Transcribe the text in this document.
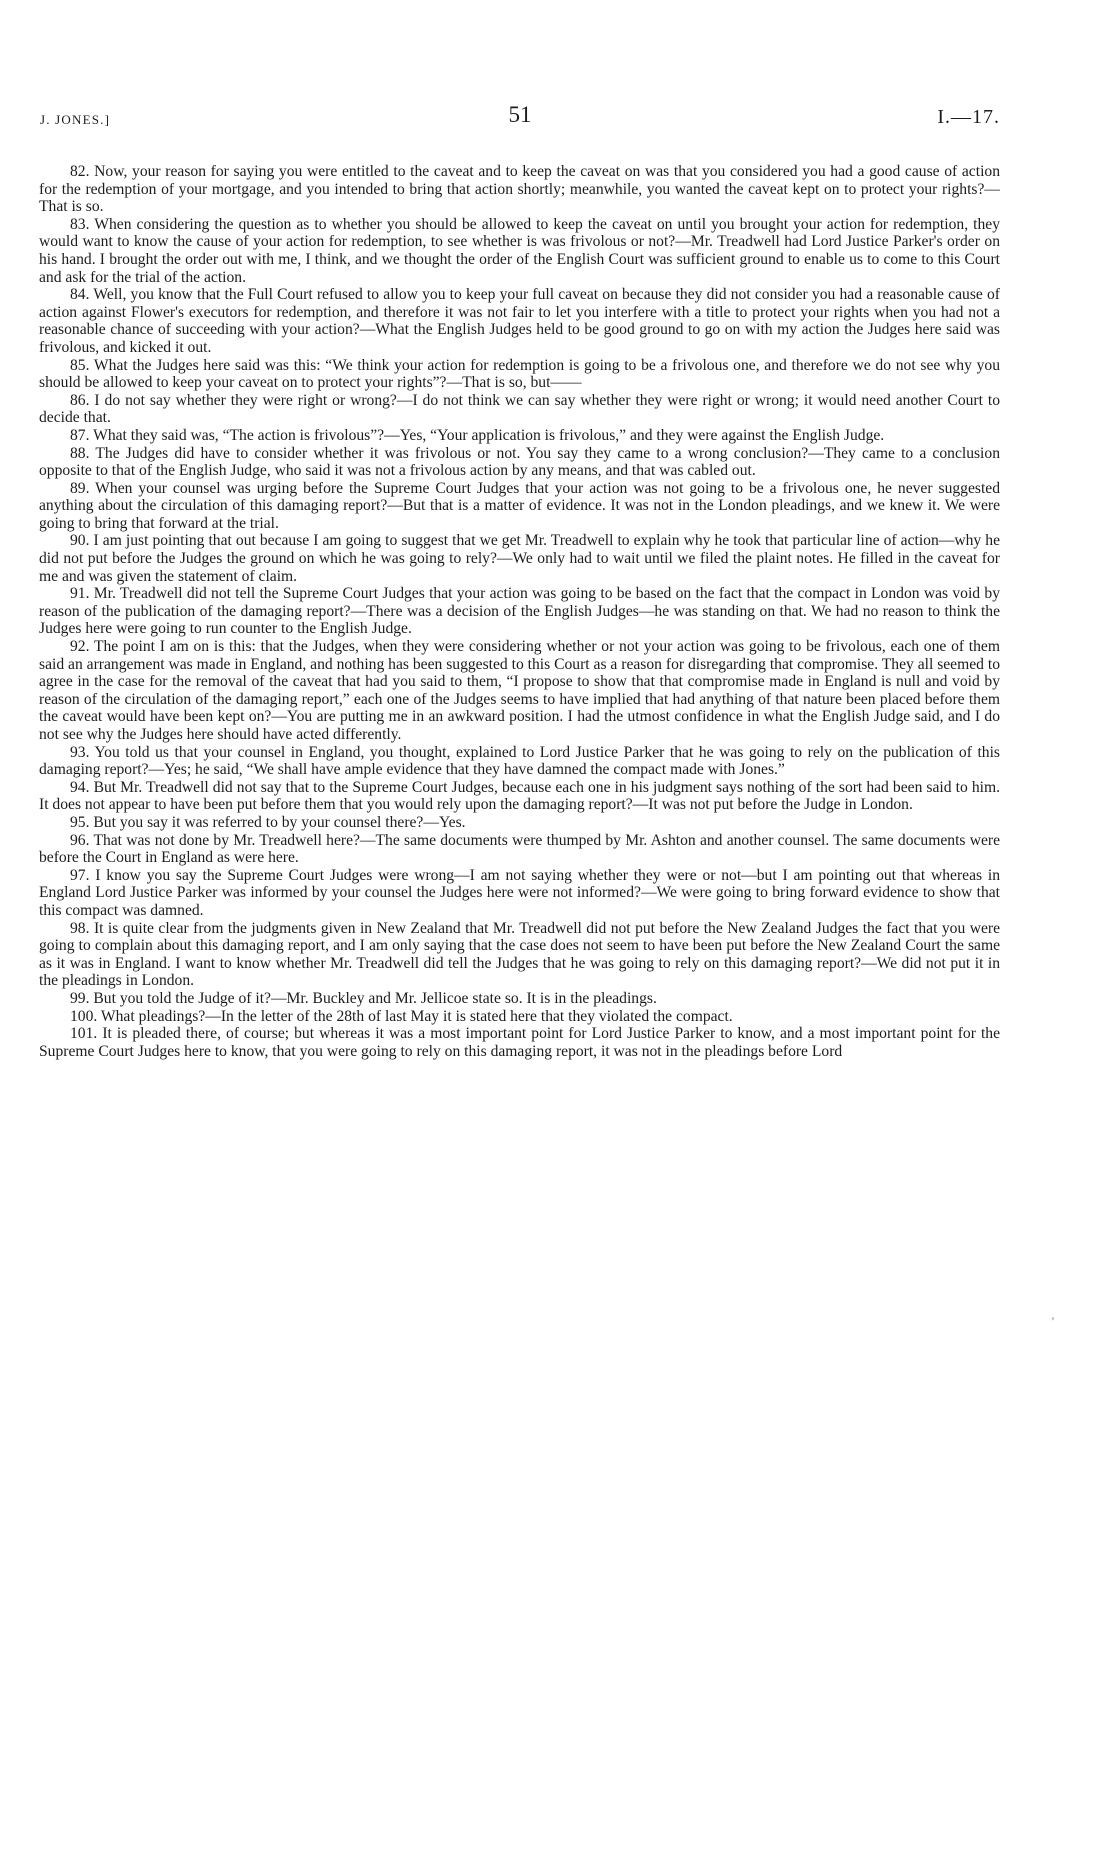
J. JONES.]	51	I.—17.

82. Now, your reason for saying you were entitled to the caveat and to keep the caveat on was that you considered you had a good cause of action for the redemption of your mortgage, and you intended to bring that action shortly; meanwhile, you wanted the caveat kept on to protect your rights?—That is so.

83. When considering the question as to whether you should be allowed to keep the caveat on until you brought your action for redemption, they would want to know the cause of your action for redemption, to see whether is was frivolous or not?—Mr. Treadwell had Lord Justice Parker's order on his hand. I brought the order out with me, I think, and we thought the order of the English Court was sufficient ground to enable us to come to this Court and ask for the trial of the action.

84. Well, you know that the Full Court refused to allow you to keep your full caveat on because they did not consider you had a reasonable cause of action against Flower's executors for redemption, and therefore it was not fair to let you interfere with a title to protect your rights when you had not a reasonable chance of succeeding with your action?—What the English Judges held to be good ground to go on with my action the Judges here said was frivolous, and kicked it out.

85. What the Judges here said was this: “We think your action for redemption is going to be a frivolous one, and therefore we do not see why you should be allowed to keep your caveat on to protect your rights”?—That is so, but——

86. I do not say whether they were right or wrong?—I do not think we can say whether they were right or wrong; it would need another Court to decide that.

87. What they said was, “The action is frivolous”?—Yes, “Your application is frivolous,” and they were against the English Judge.

88. The Judges did have to consider whether it was frivolous or not. You say they came to a wrong conclusion?—They came to a conclusion opposite to that of the English Judge, who said it was not a frivolous action by any means, and that was cabled out.

89. When your counsel was urging before the Supreme Court Judges that your action was not going to be a frivolous one, he never suggested anything about the circulation of this damaging report?—But that is a matter of evidence. It was not in the London pleadings, and we knew it. We were going to bring that forward at the trial.

90. I am just pointing that out because I am going to suggest that we get Mr. Treadwell to explain why he took that particular line of action—why he did not put before the Judges the ground on which he was going to rely?—We only had to wait until we filed the plaint notes. He filled in the caveat for me and was given the statement of claim.

91. Mr. Treadwell did not tell the Supreme Court Judges that your action was going to be based on the fact that the compact in London was void by reason of the publication of the damaging report?—There was a decision of the English Judges—he was standing on that. We had no reason to think the Judges here were going to run counter to the English Judge.

92. The point I am on is this: that the Judges, when they were considering whether or not your action was going to be frivolous, each one of them said an arrangement was made in England, and nothing has been suggested to this Court as a reason for disregarding that compromise. They all seemed to agree in the case for the removal of the caveat that had you said to them, “I propose to show that that compromise made in England is null and void by reason of the circulation of the damaging report,” each one of the Judges seems to have implied that had anything of that nature been placed before them the caveat would have been kept on?—You are putting me in an awkward position. I had the utmost confidence in what the English Judge said, and I do not see why the Judges here should have acted differently.

93. You told us that your counsel in England, you thought, explained to Lord Justice Parker that he was going to rely on the publication of this damaging report?—Yes; he said, “We shall have ample evidence that they have damned the compact made with Jones.”

94. But Mr. Treadwell did not say that to the Supreme Court Judges, because each one in his judgment says nothing of the sort had been said to him. It does not appear to have been put before them that you would rely upon the damaging report?—It was not put before the Judge in London.

95. But you say it was referred to by your counsel there?—Yes.

96. That was not done by Mr. Treadwell here?—The same documents were thumped by Mr. Ashton and another counsel. The same documents were before the Court in England as were here.

97. I know you say the Supreme Court Judges were wrong—I am not saying whether they were or not—but I am pointing out that whereas in England Lord Justice Parker was informed by your counsel the Judges here were not informed?—We were going to bring forward evidence to show that this compact was damned.

98. It is quite clear from the judgments given in New Zealand that Mr. Treadwell did not put before the New Zealand Judges the fact that you were going to complain about this damaging report, and I am only saying that the case does not seem to have been put before the New Zealand Court the same as it was in England. I want to know whether Mr. Treadwell did tell the Judges that he was going to rely on this damaging report?—We did not put it in the pleadings in London.

99. But you told the Judge of it?—Mr. Buckley and Mr. Jellicoe state so. It is in the pleadings.

100. What pleadings?—In the letter of the 28th of last May it is stated here that they violated the compact.

101. It is pleaded there, of course; but whereas it was a most important point for Lord Justice Parker to know, and a most important point for the Supreme Court Judges here to know, that you were going to rely on this damaging report, it was not in the pleadings before Lord

'
